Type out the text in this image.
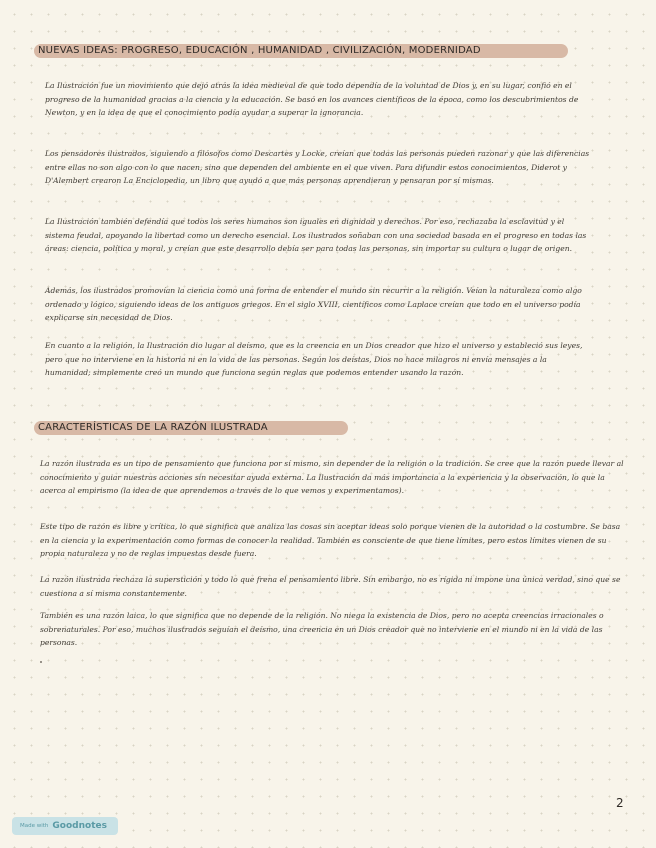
NUEVAS IDEAS: PROGRESO, EDUCACIÓN , HUMANIDAD , CIVILIZACIÓN, MODERNIDAD

La Ilustración fue un movimiento que dejó atrás la idea medieval de que todo dependía de la voluntad de Dios y, en su lugar, confió en el progreso de la humanidad gracias a la ciencia y la educación. Se basó en los avances científicos de la época, como los descubrimientos de Newton, y en la idea de que el conocimiento podía ayudar a superar la ignorancia.

Los pensadores ilustrados, siguiendo a filósofos como Descartes y Locke, creían que todas las personas pueden razonar y que las diferencias entre ellas no son algo con lo que nacen, sino que dependen del ambiente en el que viven. Para difundir estos conocimientos, Diderot y D'Alembert crearon La Enciclopedia, un libro que ayudó a que más personas aprendieran y pensaran por sí mismas.

La Ilustración también defendía que todos los seres humanos son iguales en dignidad y derechos. Por eso, rechazaba la esclavitud y el sistema feudal, apoyando la libertad como un derecho esencial. Los ilustrados soñaban con una sociedad basada en el progreso en todas las áreas: ciencia, política y moral, y creían que este desarrollo debía ser para todas las personas, sin importar su cultura o lugar de origen.

Además, los ilustrados promovían la ciencia como una forma de entender el mundo sin recurrir a la religión. Veían la naturaleza como algo ordenado y lógico, siguiendo ideas de los antiguos griegos. En el siglo XVIII, científicos como Laplace creían que todo en el universo podía explicarse sin necesidad de Dios.

En cuanto a la religión, la Ilustración dio lugar al deísmo, que es la creencia en un Dios creador que hizo el universo y estableció sus leyes, pero que no interviene en la historia ni en la vida de las personas. Según los deístas, Dios no hace milagros ni envía mensajes a la humanidad; simplemente creó un mundo que funciona según reglas que podemos entender usando la razón.

CARACTERÍSTICAS DE LA RAZÓN ILUSTRADA

La razón ilustrada es un tipo de pensamiento que funciona por sí mismo, sin depender de la religión o la tradición. Se cree que la razón puede llevar al conocimiento y guiar nuestras acciones sin necesitar ayuda externa. La Ilustración da más importancia a la experiencia y la observación, lo que la acerca al empirismo (la idea de que aprendemos a través de lo que vemos y experimentamos).

Este tipo de razón es libre y crítica, lo que significa que analiza las cosas sin aceptar ideas solo porque vienen de la autoridad o la costumbre. Se basa en la ciencia y la experimentación como formas de conocer la realidad. También es consciente de que tiene límites, pero estos límites vienen de su propia naturaleza y no de reglas impuestas desde fuera.

La razón ilustrada rechaza la superstición y todo lo que frena el pensamiento libre. Sin embargo, no es rígida ni impone una única verdad, sino que se cuestiona a sí misma constantemente.

También es una razón laica, lo que significa que no depende de la religión. No niega la existencia de Dios, pero no acepta creencias irracionales o sobrenaturales. Por eso, muchos ilustrados seguían el deísmo, una creencia en un Dios creador que no interviene en el mundo ni en la vida de las personas.

2
Made with Goodnotes
